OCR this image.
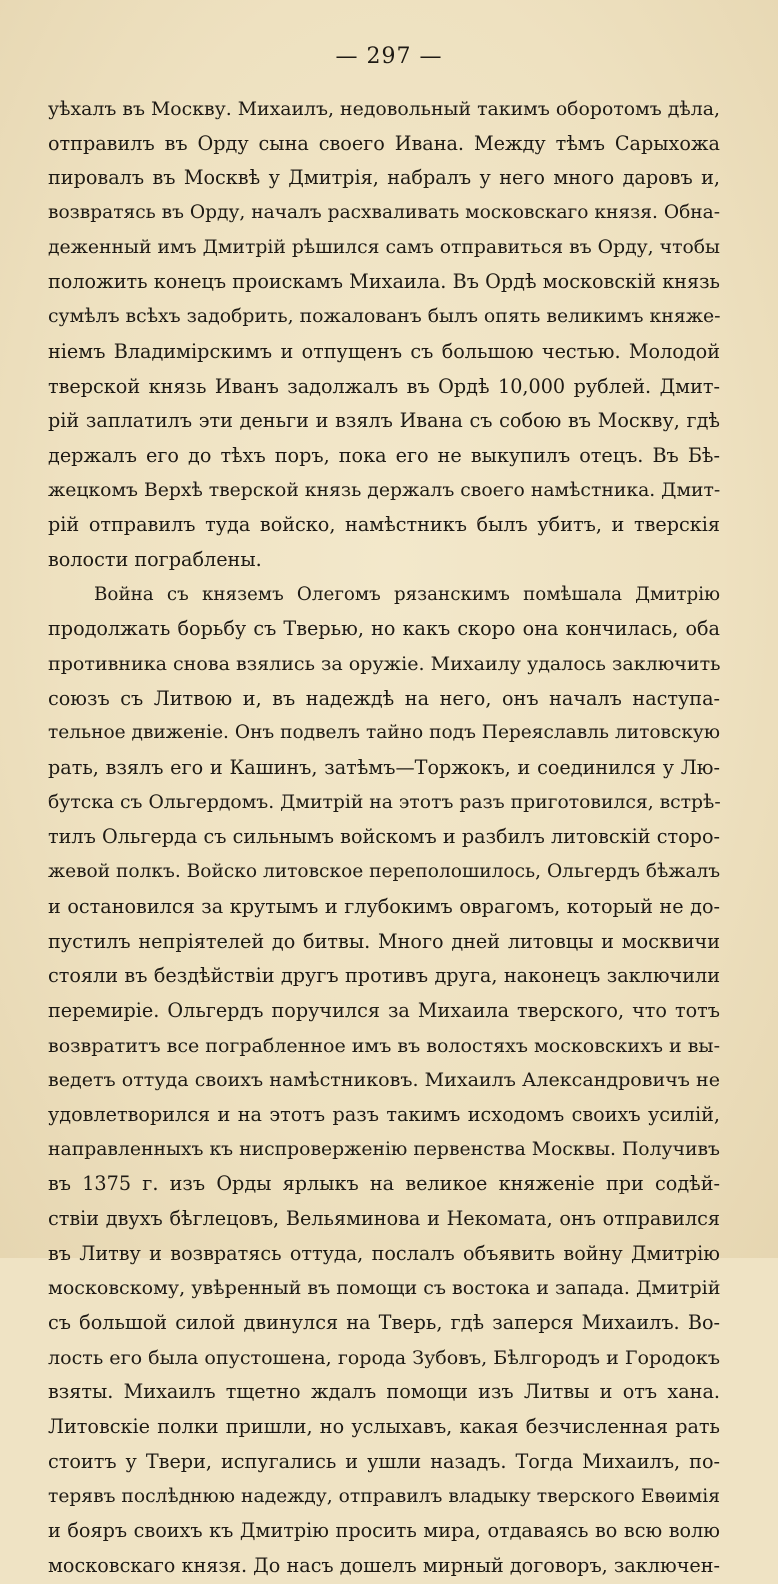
— 297 —
уѣхалъ въ Москву. Михаилъ, недовольный такимъ оборотомъ дѣла,
отправилъ въ Орду сына своего Ивана. Между тѣмъ Сарыхожа
пировалъ въ Москвѣ у Дмитрія, набралъ у него много даровъ и,
возвратясь въ Орду, началъ расхваливать московскаго князя. Обна-
деженный имъ Дмитрій рѣшился самъ отправиться въ Орду, чтобы
положить конецъ проискамъ Михаила. Въ Ордѣ московскій князь
сумѣлъ всѣхъ задобрить, пожалованъ былъ опять великимъ княже-
ніемъ Владимірскимъ и отпущенъ съ большою честью. Молодой
тверской князь Иванъ задолжалъ въ Ордѣ 10,000 рублей. Дмит-
рій заплатилъ эти деньги и взялъ Ивана съ собою въ Москву, гдѣ
держалъ его до тѣхъ поръ, пока его не выкупилъ отецъ. Въ Бѣ-
жецкомъ Верхѣ тверской князь держалъ своего намѣстника. Дмит-
рій отправилъ туда войско, намѣстникъ былъ убитъ, и тверскія
волости пограблены.
Война съ княземъ Олегомъ рязанскимъ помѣшала Дмитрію
продолжать борьбу съ Тверью, но какъ скоро она кончилась, оба
противника снова взялись за оружіе. Михаилу удалось заключить
союзъ съ Литвою и, въ надеждѣ на него, онъ началъ наступа-
тельное движеніе. Онъ подвелъ тайно подъ Переяславль литовскую
рать, взялъ его и Кашинъ, затѣмъ—Торжокъ, и соединился у Лю-
бутска съ Ольгердомъ. Дмитрій на этотъ разъ приготовился, встрѣ-
тилъ Ольгерда съ сильнымъ войскомъ и разбилъ литовскій сторо-
жевой полкъ. Войско литовское переполошилось, Ольгердъ бѣжалъ
и остановился за крутымъ и глубокимъ оврагомъ, который не до-
пустилъ непріятелей до битвы. Много дней литовцы и москвичи
стояли въ бездѣйствіи другъ противъ друга, наконецъ заключили
перемиріе. Ольгердъ поручился за Михаила тверского, что тотъ
возвратитъ все пограбленное имъ въ волостяхъ московскихъ и вы-
ведетъ оттуда своихъ намѣстниковъ. Михаилъ Александровичъ не
удовлетворился и на этотъ разъ такимъ исходомъ своихъ усилій,
направленныхъ къ ниспроверженію первенства Москвы. Получивъ
въ 1375 г. изъ Орды ярлыкъ на великое княженіе при содѣй-
ствіи двухъ бѣглецовъ, Вельяминова и Некомата, онъ отправился
въ Литву и возвратясь оттуда, послалъ объявить войну Дмитрію
московскому, увѣренный въ помощи съ востока и запада. Дмитрій
съ большой силой двинулся на Тверь, гдѣ заперся Михаилъ. Во-
лость его была опустошена, города Зубовъ, Бѣлгородъ и Городокъ
взяты. Михаилъ тщетно ждалъ помощи изъ Литвы и отъ хана.
Литовскіе полки пришли, но услыхавъ, какая безчисленная рать
стоитъ у Твери, испугались и ушли назадъ. Тогда Михаилъ, по-
терявъ послѣднюю надежду, отправилъ владыку тверского Евѳимія
и бояръ своихъ къ Дмитрію просить мира, отдаваясь во всю волю
московскаго князя. До насъ дошелъ мирный договоръ, заключен-
